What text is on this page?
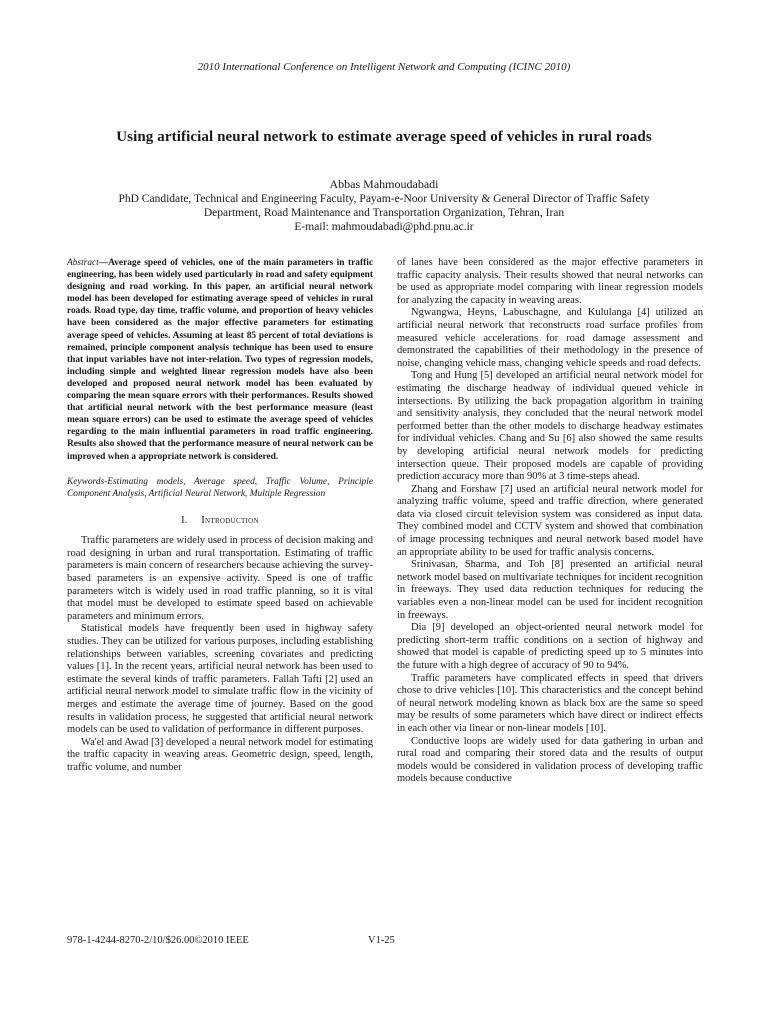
2010 International Conference on Intelligent Network and Computing (ICINC 2010)
Using artificial neural network to estimate average speed of vehicles in rural roads
Abbas Mahmoudabadi
PhD Candidate, Technical and Engineering Faculty, Payam-e-Noor University & General Director of Traffic Safety
Department, Road Maintenance and Transportation Organization, Tehran, Iran
E-mail: mahmoudabadi@phd.pnu.ac.ir

Abstract—Average speed of vehicles, one of the main parameters in traffic engineering, has been widely used particularly in road and safety equipment designing and road working. In this paper, an artificial neural network model has been developed for estimating average speed of vehicles in rural roads. Road type, day time, traffic volume, and proportion of heavy vehicles have been considered as the major effective parameters for estimating average speed of vehicles. Assuming at least 85 percent of total deviations is remained, principle component analysis technique has been used to ensure that input variables have not inter-relation. Two types of regression models, including simple and weighted linear regression models have also been developed and proposed neural network model has been evaluated by comparing the mean square errors with their performances. Results showed that artificial neural network with the best performance measure (least mean square errors) can be used to estimate the average speed of vehicles regarding to the main influential parameters in road traffic engineering. Results also showed that the performance measure of neural network can be improved when a appropriate network is considered.

Keywords-Estimating models, Average speed, Traffic Volume, Principle Component Analysis, Artificial Neural Network, Multiple Regression

I. Introduction

Traffic parameters are widely used in process of decision making and road designing in urban and rural transportation. Estimating of traffic parameters is main concern of researchers because achieving the survey-based parameters is an expensive activity. Speed is one of traffic parameters witch is widely used in road traffic planning, so it is vital that model must be developed to estimate speed based on achievable parameters and minimum errors.

Statistical models have frequently been used in highway safety studies. They can be utilized for various purposes, including establishing relationships between variables, screening covariates and predicting values [1]. In the recent years, artificial neural network has been used to estimate the several kinds of traffic parameters. Fallah Tafti [2] used an artificial neural network model to simulate traffic flow in the vicinity of merges and estimate the average time of journey. Based on the good results in validation process, he suggested that artificial neural network models can be used to validation of performance in different purposes.

Wa'el and Awad [3] developed a neural network model for estimating the traffic capacity in weaving areas. Geometric design, speed, length, traffic volume, and number

of lanes have been considered as the major effective parameters in traffic capacity analysis. Their results showed that neural networks can be used as appropriate model comparing with linear regression models for analyzing the capacity in weaving areas.

Ngwangwa, Heyns, Labuschagne, and Kululanga [4] utilized an artificial neural network that reconstructs road surface profiles from measured vehicle accelerations for road damage assessment and demonstrated the capabilities of their methodology in the presence of noise, changing vehicle mass, changing vehicle speeds and road defects.

Tong and Hung [5] developed an artificial neural network model for estimating the discharge headway of individual queued vehicle in intersections. By utilizing the back propagation algorithm in training and sensitivity analysis, they concluded that the neural network model performed better than the other models to discharge headway estimates for individual vehicles. Chang and Su [6] also showed the same results by developing artificial neural network models for predicting intersection queue. Their proposed models are capable of providing prediction accuracy more than 90% at 3 time-steps ahead.

Zhang and Forshaw [7] used an artificial neural network model for analyzing traffic volume, speed and traffic direction, where generated data via closed circuit television system was considered as input data. They combined model and CCTV system and showed that combination of image processing techniques and neural network based model have an appropriate ability to be used for traffic analysis concerns.

Srinivasan, Sharma, and Toh [8] presented an artificial neural network model based on multivariate techniques for incident recognition in freeways. They used data reduction techniques for reducing the variables even a non-linear model can be used for incident recognition in freeways.

Dia [9] developed an object-oriented neural network model for predicting short-term traffic conditions on a section of highway and showed that model is capable of predicting speed up to 5 minutes into the future with a high degree of accuracy of 90 to 94%.

Traffic parameters have complicated effects in speed that drivers chose to drive vehicles [10]. This characteristics and the concept behind of neural network modeling known as black box are the same so speed may be results of some parameters which have direct or indirect effects in each other via linear or non-linear models [10].

Conductive loops are widely used for data gathering in urban and rural road and comparing their stored data and the results of output models would be considered in validation process of developing traffic models because conductive

978-1-4244-8270-2/10/$26.00©2010 IEEE	V1-25
